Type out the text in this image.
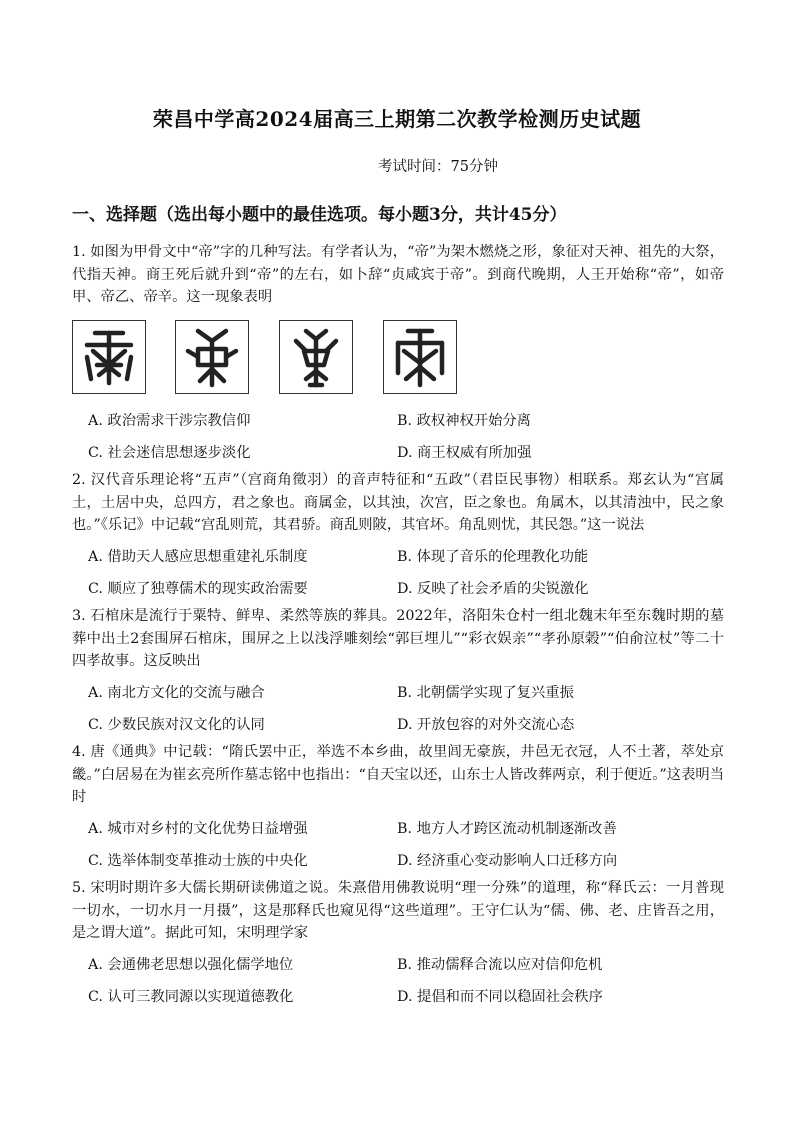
荣昌中学高2024届高三上期第二次教学检测历史试题
考试时间：75分钟
一、选择题（选出每小题中的最佳选项。每小题3分，共计45分）
1. 如图为甲骨文中“帝”字的几种写法。有学者认为，“帝”为架木燃烧之形，象征对天神、祖先的大祭，代指天神。商王死后就升到“帝”的左右，如卜辞“贞咸宾于帝”。到商代晚期，人王开始称“帝”，如帝甲、帝乙、帝辛。这一现象表明
A. 政治需求干涉宗教信仰	B. 政权神权开始分离
C. 社会迷信思想逐步淡化	D. 商王权威有所加强
2. 汉代音乐理论将“五声”（宫商角徵羽）的音声特征和“五政”（君臣民事物）相联系。郑玄认为“宫属土，土居中央，总四方，君之象也。商属金，以其浊，次宫，臣之象也。角属木，以其清浊中，民之象也。”《乐记》中记载“宫乱则荒，其君骄。商乱则陂，其官坏。角乱则忧，其民怨。”这一说法
A. 借助天人感应思想重建礼乐制度	B. 体现了音乐的伦理教化功能
C. 顺应了独尊儒术的现实政治需要	D. 反映了社会矛盾的尖锐激化
3. 石棺床是流行于粟特、鲜卑、柔然等族的葬具。2022年，洛阳朱仓村一组北魏末年至东魏时期的墓葬中出土2套围屏石棺床，围屏之上以浅浮雕刻绘“郭巨埋儿”“彩衣娱亲”“孝孙原榖”“伯俞泣杖”等二十四孝故事。这反映出
A. 南北方文化的交流与融合	B. 北朝儒学实现了复兴重振
C. 少数民族对汉文化的认同	D. 开放包容的对外交流心态
4. 唐《通典》中记载：“隋氏罢中正，举选不本乡曲，故里闾无豪族，井邑无衣冠，人不土著，萃处京畿。”白居易在为崔玄亮所作墓志铭中也指出：“自天宝以还，山东士人皆改葬两京，利于便近。”这表明当时
A. 城市对乡村的文化优势日益增强	B. 地方人才跨区流动机制逐渐改善
C. 选举体制变革推动士族的中央化	D. 经济重心变动影响人口迁移方向
5. 宋明时期许多大儒长期研读佛道之说。朱熹借用佛教说明“理一分殊”的道理，称“释氏云：一月普现一切水，一切水月一月摄”，这是那释氏也窥见得“这些道理”。王守仁认为“儒、佛、老、庄皆吾之用，是之谓大道”。据此可知，宋明理学家
A. 会通佛老思想以强化儒学地位	B. 推动儒释合流以应对信仰危机
C. 认可三教同源以实现道德教化	D. 提倡和而不同以稳固社会秩序
